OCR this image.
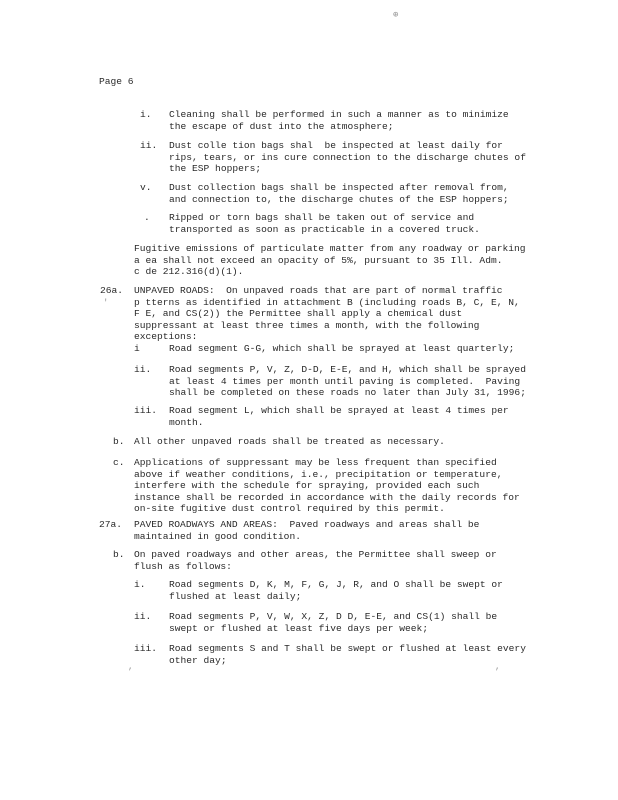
⊕
Page 6
i. Cleaning shall be performed in such a manner as to minimize
the escape of dust into the atmosphere;
ii. Dust colle tion bags shal  be inspected at least daily for
rips, tears, or ins cure connection to the discharge chutes of
the ESP hoppers;
v. Dust collection bags shall be inspected after removal from,
and connection to, the discharge chutes of the ESP hoppers;
. Ripped or torn bags shall be taken out of service and
transported as soon as practicable in a covered truck.
Fugitive emissions of particulate matter from any roadway or parking
a ea shall not exceed an opacity of 5%, pursuant to 35 Ill. Adm.
c de 212.316(d)(1).
26a. UNPAVED ROADS:  On unpaved roads that are part of normal traffic
p tterns as identified in attachment B (including roads B, C, E, N,
F E, and CS(2)) the Permittee shall apply a chemical dust
suppressant at least three times a month, with the following
exceptions:
'
i	Road segment G-G, which shall be sprayed at least quarterly;
ii. Road segments P, V, Z, D-D, E-E, and H, which shall be sprayed
at least 4 times per month until paving is completed.  Paving
shall be completed on these roads no later than July 31, 1996;
iii. Road segment L, which shall be sprayed at least 4 times per
month.
b. All other unpaved roads shall be treated as necessary.
c. Applications of suppressant may be less frequent than specified
above if weather conditions, i.e., precipitation or temperature,
interfere with the schedule for spraying, provided each such
instance shall be recorded in accordance with the daily records for
on-site fugitive dust control required by this permit.
27a. PAVED ROADWAYS AND AREAS:  Paved roadways and areas shall be
maintained in good condition.
b. On paved roadways and other areas, the Permittee shall sweep or
flush as follows:
i. Road segments D, K, M, F, G, J, R, and O shall be swept or
flushed at least daily;
ii. Road segments P, V, W, X, Z, D D, E-E, and CS(1) shall be
swept or flushed at least five days per week;
iii. Road segments S and T shall be swept or flushed at least every
other day;
,	,
